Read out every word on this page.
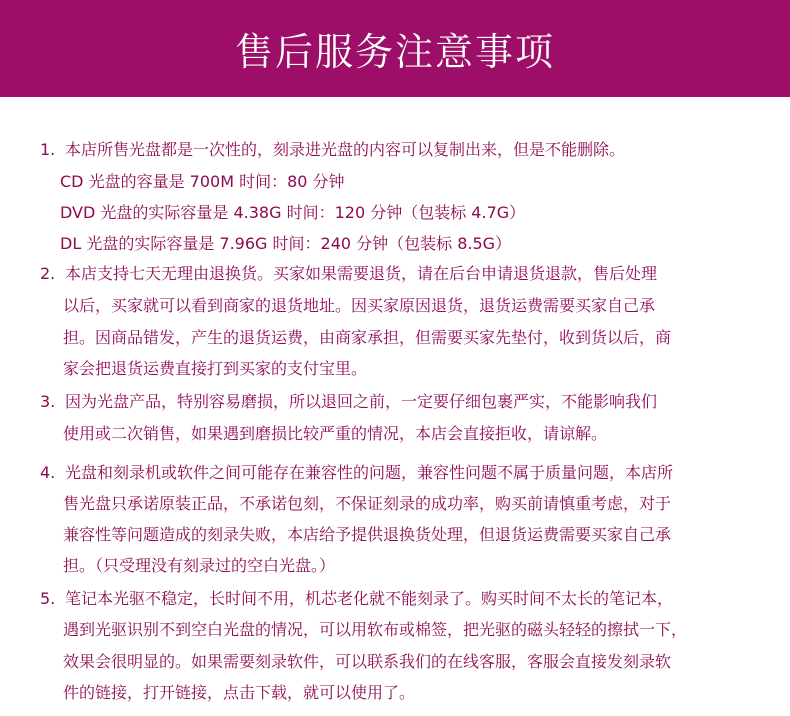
售后服务注意事项
1. 本店所售光盘都是一次性的，刻录进光盘的内容可以复制出来，但是不能删除。
CD 光盘的容量是 700M 时间：80 分钟
DVD 光盘的实际容量是 4.38G 时间：120 分钟（包装标 4.7G）
DL 光盘的实际容量是 7.96G 时间：240 分钟（包装标 8.5G）
2. 本店支持七天无理由退换货。买家如果需要退货，请在后台申请退货退款，售后处理
以后，买家就可以看到商家的退货地址。因买家原因退货，退货运费需要买家自己承
担。因商品错发，产生的退货运费，由商家承担，但需要买家先垫付，收到货以后，商
家会把退货运费直接打到买家的支付宝里。
3. 因为光盘产品，特别容易磨损，所以退回之前，一定要仔细包裹严实，不能影响我们
使用或二次销售，如果遇到磨损比较严重的情况，本店会直接拒收，请谅解。
4. 光盘和刻录机或软件之间可能存在兼容性的问题，兼容性问题不属于质量问题，本店所
售光盘只承诺原装正品，不承诺包刻，不保证刻录的成功率，购买前请慎重考虑，对于
兼容性等问题造成的刻录失败，本店给予提供退换货处理，但退货运费需要买家自己承
担。（只受理没有刻录过的空白光盘。）
5. 笔记本光驱不稳定，长时间不用，机芯老化就不能刻录了。购买时间不太长的笔记本，
遇到光驱识别不到空白光盘的情况，可以用软布或棉签，把光驱的磁头轻轻的擦拭一下，
效果会很明显的。如果需要刻录软件，可以联系我们的在线客服，客服会直接发刻录软
件的链接，打开链接，点击下载，就可以使用了。
